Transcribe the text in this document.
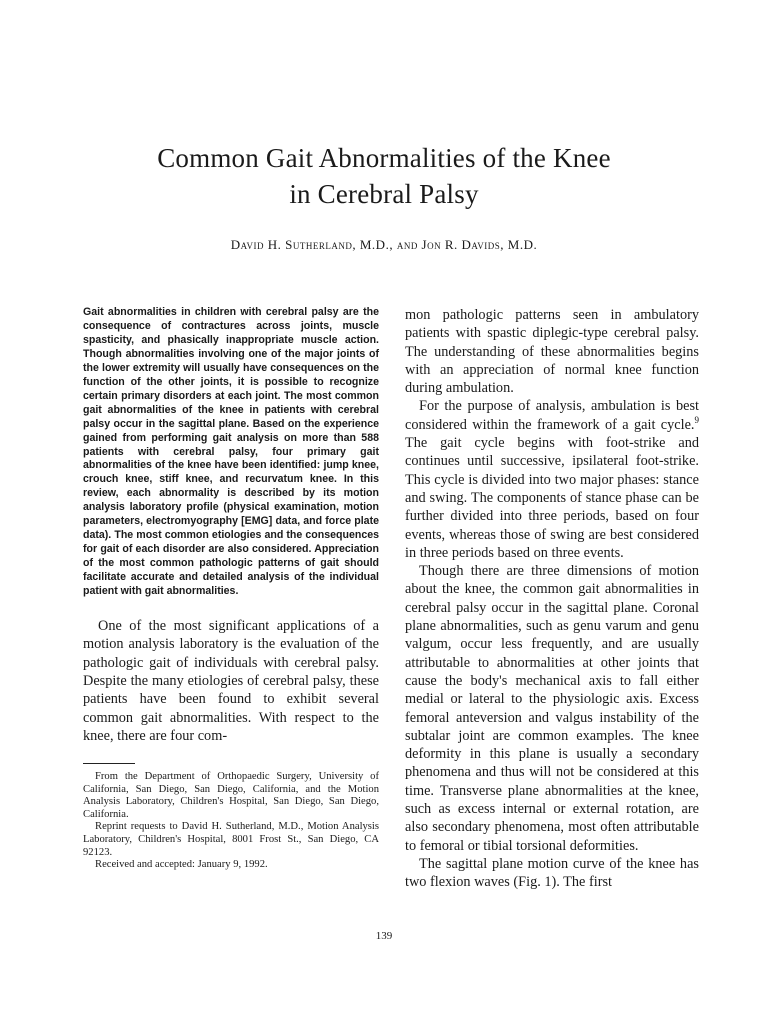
Common Gait Abnormalities of the Knee
in Cerebral Palsy
David H. Sutherland, M.D., and Jon R. Davids, M.D.

Gait abnormalities in children with cerebral palsy are the consequence of contractures across joints, muscle spasticity, and phasically inappropriate muscle action. Though abnormalities involving one of the major joints of the lower extremity will usually have consequences on the function of the other joints, it is possible to recognize certain primary disorders at each joint. The most common gait abnormalities of the knee in patients with cerebral palsy occur in the sagittal plane. Based on the experience gained from performing gait analysis on more than 588 patients with cerebral palsy, four primary gait abnormalities of the knee have been identified: jump knee, crouch knee, stiff knee, and recurvatum knee. In this review, each abnormality is described by its motion analysis laboratory profile (physical examination, motion parameters, electromyography [EMG] data, and force plate data). The most common etiologies and the consequences for gait of each disorder are also considered. Appreciation of the most common pathologic patterns of gait should facilitate accurate and detailed analysis of the individual patient with gait abnormalities.

One of the most significant applications of a motion analysis laboratory is the evaluation of the pathologic gait of individuals with cerebral palsy. Despite the many etiologies of cerebral palsy, these patients have been found to exhibit several common gait abnormalities. With respect to the knee, there are four com-

From the Department of Orthopaedic Surgery, University of California, San Diego, San Diego, California, and the Motion Analysis Laboratory, Children's Hospital, San Diego, San Diego, California.

Reprint requests to David H. Sutherland, M.D., Motion Analysis Laboratory, Children's Hospital, 8001 Frost St., San Diego, CA 92123.

Received and accepted: January 9, 1992.

mon pathologic patterns seen in ambulatory patients with spastic diplegic-type cerebral palsy. The understanding of these abnormalities begins with an appreciation of normal knee function during ambulation.

For the purpose of analysis, ambulation is best considered within the framework of a gait cycle.$^9$ The gait cycle begins with foot-strike and continues until successive, ipsilateral foot-strike. This cycle is divided into two major phases: stance and swing. The components of stance phase can be further divided into three periods, based on four events, whereas those of swing are best considered in three periods based on three events.

Though there are three dimensions of motion about the knee, the common gait abnormalities in cerebral palsy occur in the sagittal plane. Coronal plane abnormalities, such as genu varum and genu valgum, occur less frequently, and are usually attributable to abnormalities at other joints that cause the body's mechanical axis to fall either medial or lateral to the physiologic axis. Excess femoral anteversion and valgus instability of the subtalar joint are common examples. The knee deformity in this plane is usually a secondary phenomena and thus will not be considered at this time. Transverse plane abnormalities at the knee, such as excess internal or external rotation, are also secondary phenomena, most often attributable to femoral or tibial torsional deformities.

The sagittal plane motion curve of the knee has two flexion waves (Fig. 1). The first

139
